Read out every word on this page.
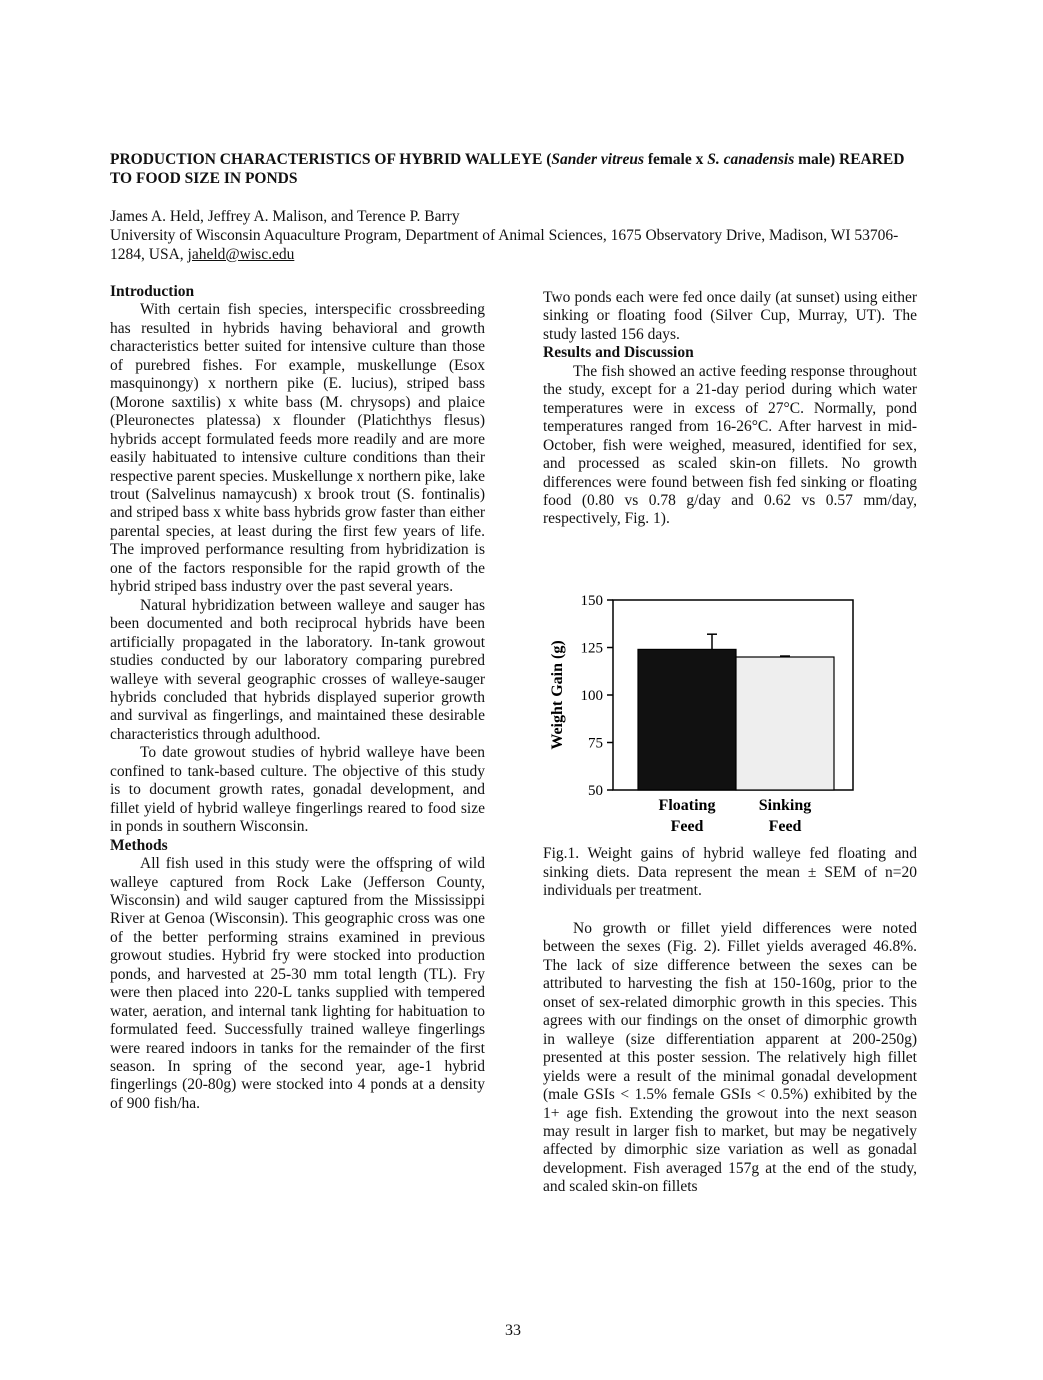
PRODUCTION CHARACTERISTICS OF HYBRID WALLEYE (Sander vitreus female x S. canadensis male) REARED TO FOOD SIZE IN PONDS
James A. Held, Jeffrey A. Malison, and Terence P. Barry
University of Wisconsin Aquaculture Program, Department of Animal Sciences, 1675 Observatory Drive, Madison, WI 53706-1284, USA, jaheld@wisc.edu
Introduction

With certain fish species, interspecific crossbreeding has resulted in hybrids having behavioral and growth characteristics better suited for intensive culture than those of purebred fishes. For example, muskellunge (Esox masquinongy) x northern pike (E. lucius), striped bass (Morone saxtilis) x white bass (M. chrysops) and plaice (Pleuronectes platessa) x flounder (Platichthys flesus) hybrids accept formulated feeds more readily and are more easily habituated to intensive culture conditions than their respective parent species. Muskellunge x northern pike, lake trout (Salvelinus namaycush) x brook trout (S. fontinalis) and striped bass x white bass hybrids grow faster than either parental species, at least during the first few years of life. The improved performance resulting from hybridization is one of the factors responsible for the rapid growth of the hybrid striped bass industry over the past several years.

Natural hybridization between walleye and sauger has been documented and both reciprocal hybrids have been artificially propagated in the laboratory. In-tank growout studies conducted by our laboratory comparing purebred walleye with several geographic crosses of walleye-sauger hybrids concluded that hybrids displayed superior growth and survival as fingerlings, and maintained these desirable characteristics through adulthood.

To date growout studies of hybrid walleye have been confined to tank-based culture. The objective of this study is to document growth rates, gonadal development, and fillet yield of hybrid walleye fingerlings reared to food size in ponds in southern Wisconsin.

Methods

All fish used in this study were the offspring of wild walleye captured from Rock Lake (Jefferson County, Wisconsin) and wild sauger captured from the Mississippi River at Genoa (Wisconsin). This geographic cross was one of the better performing strains examined in previous growout studies. Hybrid fry were stocked into production ponds, and harvested at 25-30 mm total length (TL). Fry were then placed into 220-L tanks supplied with tempered water, aeration, and internal tank lighting for habituation to formulated feed. Successfully trained walleye fingerlings were reared indoors in tanks for the remainder of the first season. In spring of the second year, age-1 hybrid fingerlings (20-80g) were stocked into 4 ponds at a density of 900 fish/ha.

Two ponds each were fed once daily (at sunset) using either sinking or floating food (Silver Cup, Murray, UT). The study lasted 156 days.

Results and Discussion

The fish showed an active feeding response throughout the study, except for a 21-day period during which water temperatures were in excess of 27°C. Normally, pond temperatures ranged from 16-26°C. After harvest in mid-October, fish were weighed, measured, identified for sex, and processed as scaled skin-on fillets. No growth differences were found between fish fed sinking or floating food (0.80 vs 0.78 g/day and 0.62 vs 0.57 mm/day, respectively, Fig. 1).

50
75
100
125
150
Floating
Feed
Sinking
Feed
Weight Gain (g)
Fig.1. Weight gains of hybrid walleye fed floating and sinking diets. Data represent the mean ± SEM of n=20 individuals per treatment.

No growth or fillet yield differences were noted between the sexes (Fig. 2). Fillet yields averaged 46.8%. The lack of size difference between the sexes can be attributed to harvesting the fish at 150-160g, prior to the onset of sex-related dimorphic growth in this species. This agrees with our findings on the onset of dimorphic growth in walleye (size differentiation apparent at 200-250g) presented at this poster session. The relatively high fillet yields were a result of the minimal gonadal development (male GSIs < 1.5% female GSIs < 0.5%) exhibited by the 1+ age fish. Extending the growout into the next season may result in larger fish to market, but may be negatively affected by dimorphic size variation as well as gonadal development. Fish averaged 157g at the end of the study, and scaled skin-on fillets

33
